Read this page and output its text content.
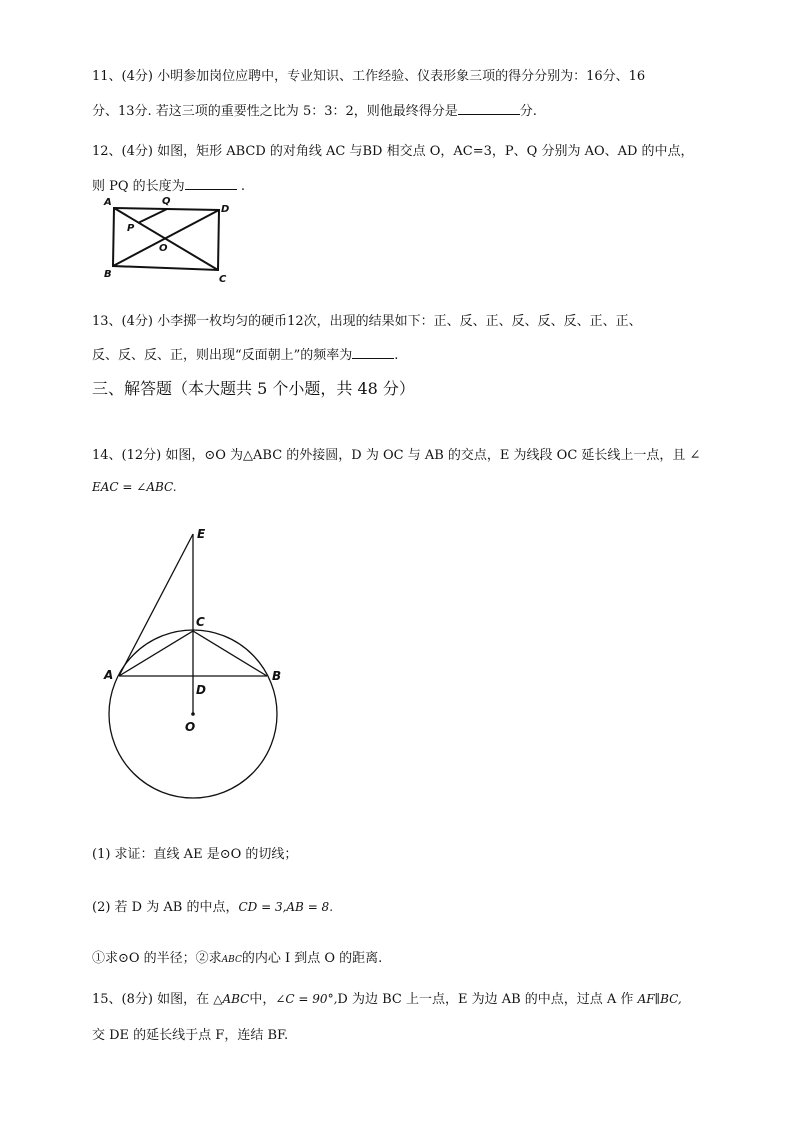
11、(4分) 小明参加岗位应聘中，专业知识、工作经验、仪表形象三项的得分分别为：16分、16
分、13分. 若这三项的重要性之比为 5：3：2，则他最终得分是	分.
12、(4分) 如图，矩形 ABCD 的对角线 AC 与BD 相交点 O，AC=3，P、Q 分别为 AO、AD 的中点，
则 PQ 的长度为	.
A	Q
D
P
O
B	C
13、(4分) 小李掷一枚均匀的硬币12次，出现的结果如下：正、反、正、反、反、反、正、正、
反、反、反、正，则出现“反面朝上”的频率为	.
三、解答题（本大题共 5 个小题，共 48 分）
14、(12分) 如图，⊙O 为△ABC 的外接圆，D 为 OC 与 AB 的交点，E 为线段 OC 延长线上一点，且 ∠
EAC = ∠ABC.
E
C
A	B
D
O
(1) 求证：直线 AE 是⊙O 的切线；
(2) 若 D 为 AB 的中点，CD = 3,AB = 8.
①求⊙O 的半径；②求ABC的内心 I 到点 O 的距离.
15、(8分) 如图，在 △ABC中，∠C = 90°,D 为边 BC 上一点，E 为边 AB 的中点，过点 A 作 AF∥BC,
交 DE 的延长线于点 F，连结 BF.
